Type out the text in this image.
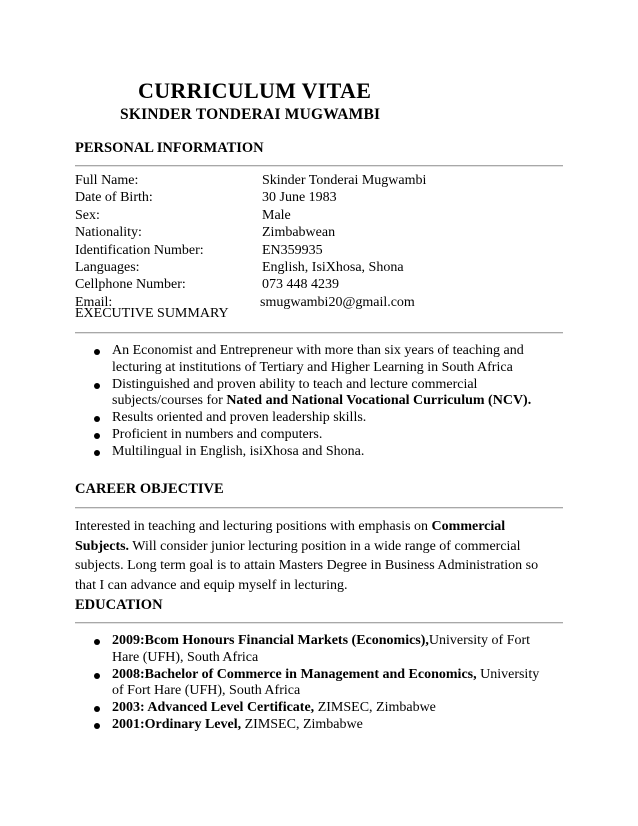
CURRICULUM VITAE
SKINDER TONDERAI MUGWAMBI
PERSONAL INFORMATION
Full Name:	Skinder Tonderai Mugwambi
Date of Birth:	30 June 1983
Sex:	Male
Nationality:	Zimbabwean
Identification Number:	EN359935
Languages:	English, IsiXhosa, Shona
Cellphone Number:	073 448 4239
Email:	smugwambi20@gmail.com
EXECUTIVE SUMMARY
An Economist and Entrepreneur with more than six years of teaching and
lecturing at institutions of Tertiary and Higher Learning in South Africa
Distinguished and proven ability to teach and lecture commercial
subjects/courses for Nated and National Vocational Curriculum (NCV).
Results oriented and proven leadership skills.
Proficient in numbers and computers.
Multilingual in English, isiXhosa and Shona.
CAREER OBJECTIVE
Interested in teaching and lecturing positions with emphasis on Commercial
Subjects. Will consider junior lecturing position in a wide range of commercial
subjects. Long term goal is to attain Masters Degree in Business Administration so
that I can advance and equip myself in lecturing.
EDUCATION
2009:Bcom Honours Financial Markets (Economics),University of Fort
Hare (UFH), South Africa
2008:Bachelor of Commerce in Management and Economics, University
of Fort Hare (UFH), South Africa
2003: Advanced Level Certificate, ZIMSEC, Zimbabwe
2001:Ordinary Level, ZIMSEC, Zimbabwe
